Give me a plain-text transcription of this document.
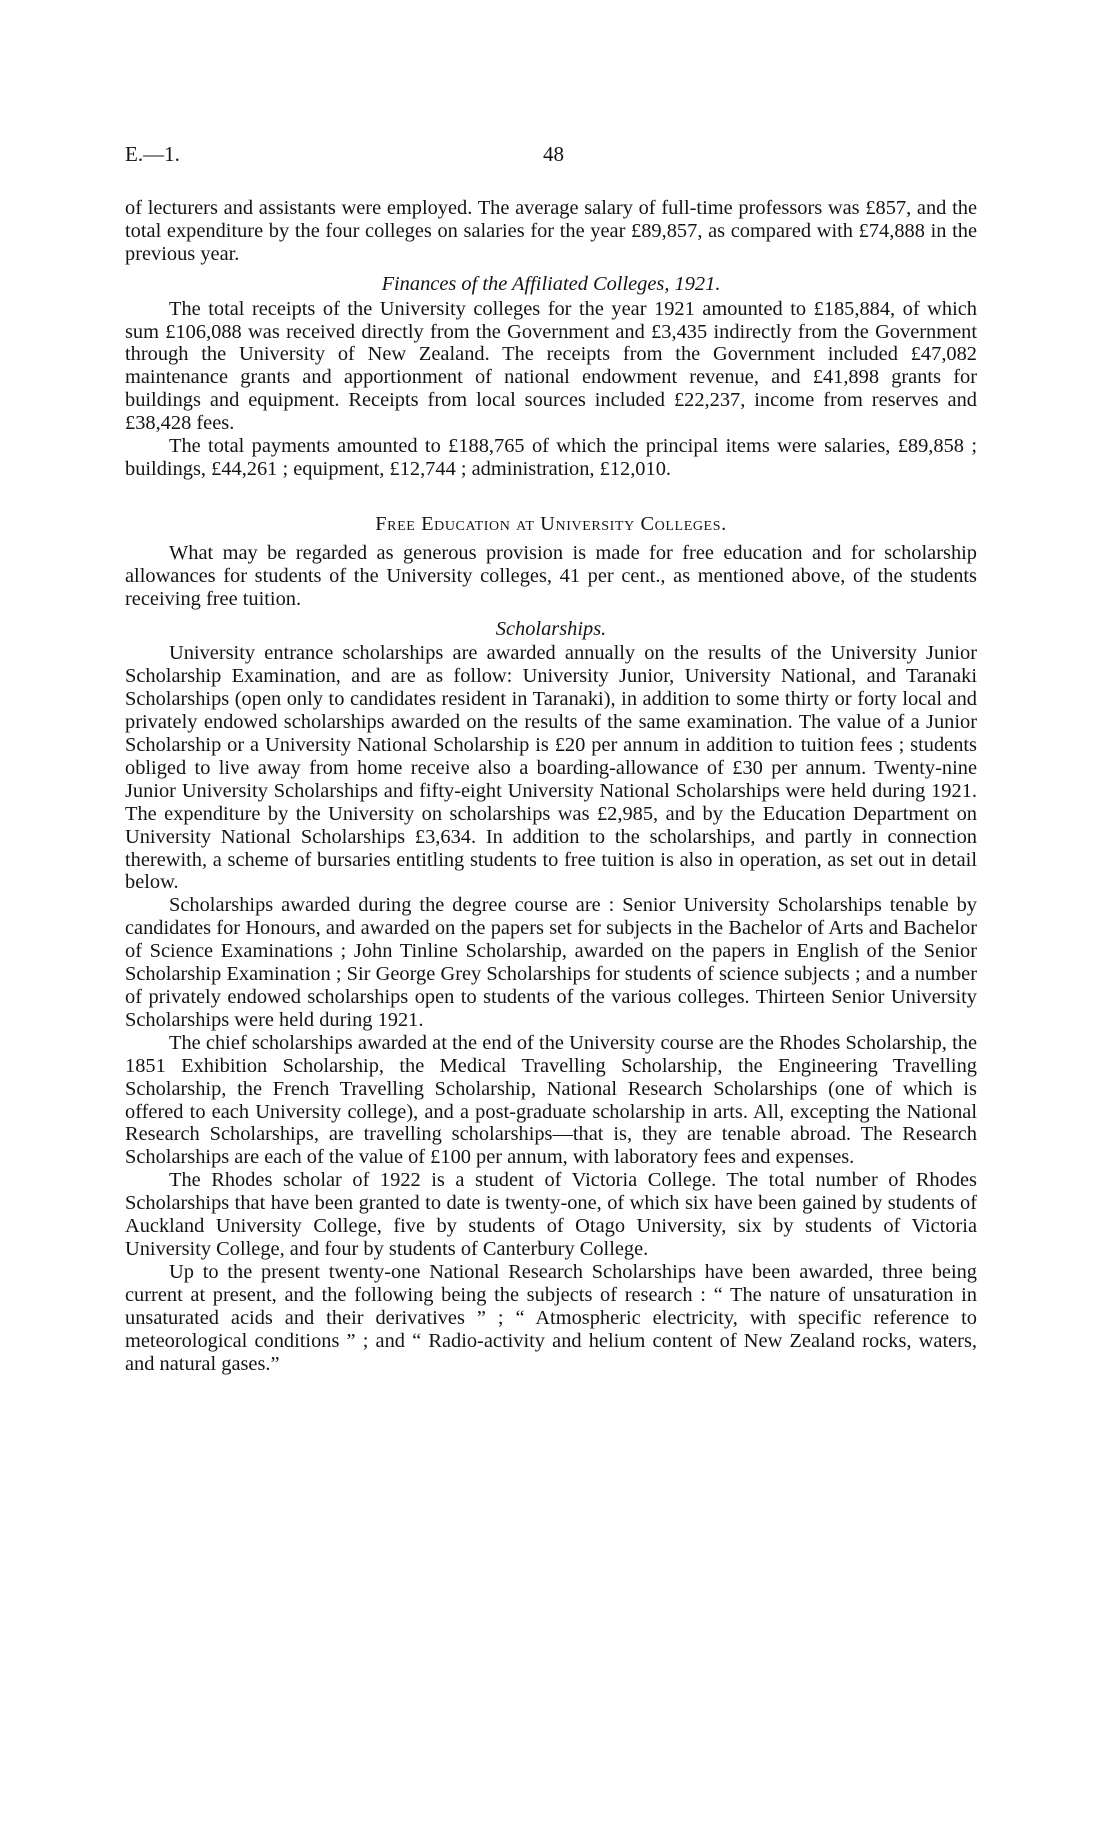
E.—1.	48

of lecturers and assistants were employed. The average salary of full-time professors was £857, and the total expenditure by the four colleges on salaries for the year £89,857, as compared with £74,888 in the previous year.

Finances of the Affiliated Colleges, 1921.

The total receipts of the University colleges for the year 1921 amounted to £185,884, of which sum £106,088 was received directly from the Government and £3,435 indirectly from the Government through the University of New Zealand. The receipts from the Government included £47,082 maintenance grants and apportionment of national endowment revenue, and £41,898 grants for buildings and equipment. Receipts from local sources included £22,237, income from reserves and £38,428 fees.

The total payments amounted to £188,765 of which the principal items were salaries, £89,858 ; buildings, £44,261 ; equipment, £12,744 ; administration, £12,010.

Free Education at University Colleges.

What may be regarded as generous provision is made for free education and for scholarship allowances for students of the University colleges, 41 per cent., as mentioned above, of the students receiving free tuition.

Scholarships.

University entrance scholarships are awarded annually on the results of the University Junior Scholarship Examination, and are as follow: University Junior, University National, and Taranaki Scholarships (open only to candidates resident in Taranaki), in addition to some thirty or forty local and privately endowed scholarships awarded on the results of the same examination. The value of a Junior Scholarship or a University National Scholarship is £20 per annum in addition to tuition fees ; students obliged to live away from home receive also a boarding-allowance of £30 per annum. Twenty-nine Junior University Scholarships and fifty-eight University National Scholarships were held during 1921. The expenditure by the University on scholarships was £2,985, and by the Education Department on University National Scholarships £3,634. In addition to the scholarships, and partly in connection therewith, a scheme of bursaries entitling students to free tuition is also in operation, as set out in detail below.

Scholarships awarded during the degree course are : Senior University Scholarships tenable by candidates for Honours, and awarded on the papers set for subjects in the Bachelor of Arts and Bachelor of Science Examinations ; John Tinline Scholarship, awarded on the papers in English of the Senior Scholarship Examination ; Sir George Grey Scholarships for students of science subjects ; and a number of privately endowed scholarships open to students of the various colleges. Thirteen Senior University Scholarships were held during 1921.

The chief scholarships awarded at the end of the University course are the Rhodes Scholarship, the 1851 Exhibition Scholarship, the Medical Travelling Scholarship, the Engineering Travelling Scholarship, the French Travelling Scholarship, National Research Scholarships (one of which is offered to each University college), and a post-graduate scholarship in arts. All, excepting the National Research Scholarships, are travelling scholarships—that is, they are tenable abroad. The Research Scholarships are each of the value of £100 per annum, with laboratory fees and expenses.

The Rhodes scholar of 1922 is a student of Victoria College. The total number of Rhodes Scholarships that have been granted to date is twenty-one, of which six have been gained by students of Auckland University College, five by students of Otago University, six by students of Victoria University College, and four by students of Canterbury College.

Up to the present twenty-one National Research Scholarships have been awarded, three being current at present, and the following being the subjects of research : “ The nature of unsaturation in unsaturated acids and their derivatives ” ; “ Atmospheric electricity, with specific reference to meteorological conditions ” ; and “ Radio-activity and helium content of New Zealand rocks, waters, and natural gases.”
